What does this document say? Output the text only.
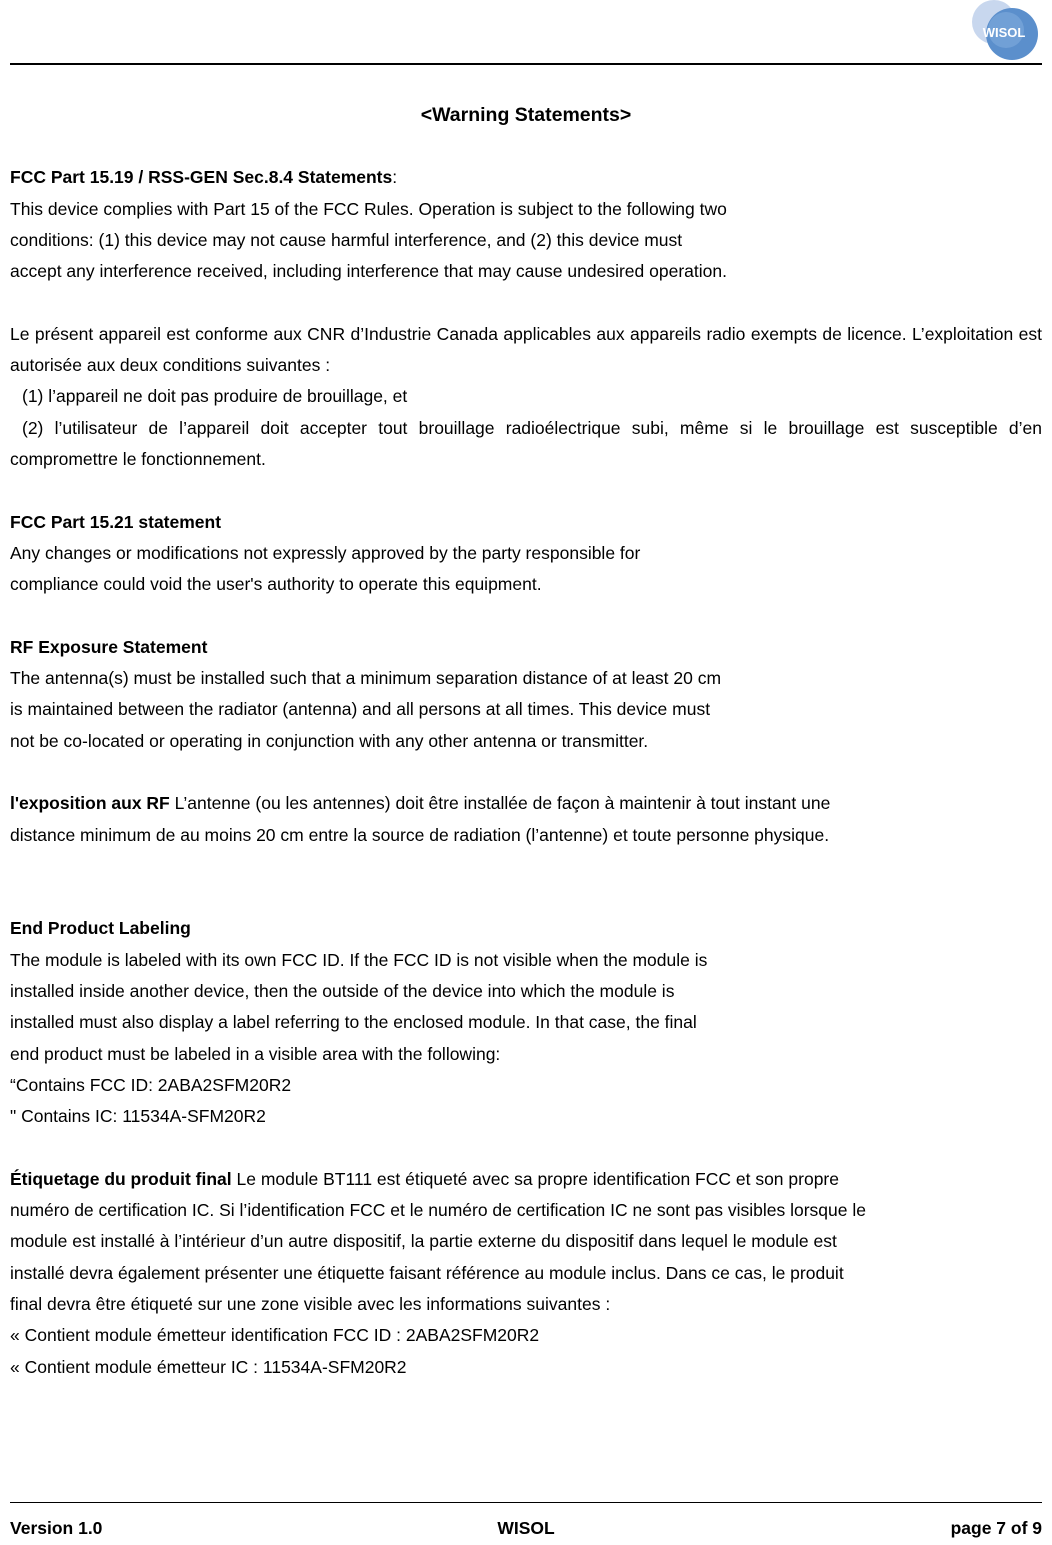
WISOL
<Warning Statements>
FCC Part 15.19 / RSS-GEN Sec.8.4 Statements:
This device complies with Part 15 of the FCC Rules. Operation is subject to the following two
conditions: (1) this device may not cause harmful interference, and (2) this device must
accept any interference received, including interference that may cause undesired operation.
Le présent appareil est conforme aux CNR d’Industrie Canada applicables aux appareils radio exempts de licence. L’exploitation est autorisée aux deux conditions suivantes :
(1) l’appareil ne doit pas produire de brouillage, et
(2) l’utilisateur de l’appareil doit accepter tout brouillage radioélectrique subi, même si le brouillage est susceptible d’en compromettre le fonctionnement.
FCC Part 15.21 statement
Any changes or modifications not expressly approved by the party responsible for
compliance could void the user's authority to operate this equipment.
RF Exposure Statement
The antenna(s) must be installed such that a minimum separation distance of at least 20 cm
is maintained between the radiator (antenna) and all persons at all times. This device must
not be co-located or operating in conjunction with any other antenna or transmitter.
l'exposition aux RF L’antenne (ou les antennes) doit être installée de façon à maintenir à tout instant une
distance minimum de au moins 20 cm entre la source de radiation (l’antenne) et toute personne physique.
End Product Labeling
The module is labeled with its own FCC ID. If the FCC ID is not visible when the module is
installed inside another device, then the outside of the device into which the module is
installed must also display a label referring to the enclosed module. In that case, the final
end product must be labeled in a visible area with the following:
“Contains FCC ID: 2ABA2SFM20R2
" Contains IC: 11534A-SFM20R2
Étiquetage du produit final Le module BT111 est étiqueté avec sa propre identification FCC et son propre
numéro de certification IC. Si l’identification FCC et le numéro de certification IC ne sont pas visibles lorsque le
module est installé à l’intérieur d’un autre dispositif, la partie externe du dispositif dans lequel le module est
installé devra également présenter une étiquette faisant référence au module inclus. Dans ce cas, le produit
final devra être étiqueté sur une zone visible avec les informations suivantes :
« Contient module émetteur identification FCC ID : 2ABA2SFM20R2
« Contient module émetteur IC : 11534A-SFM20R2
Version 1.0	WISOL	page 7 of 9
